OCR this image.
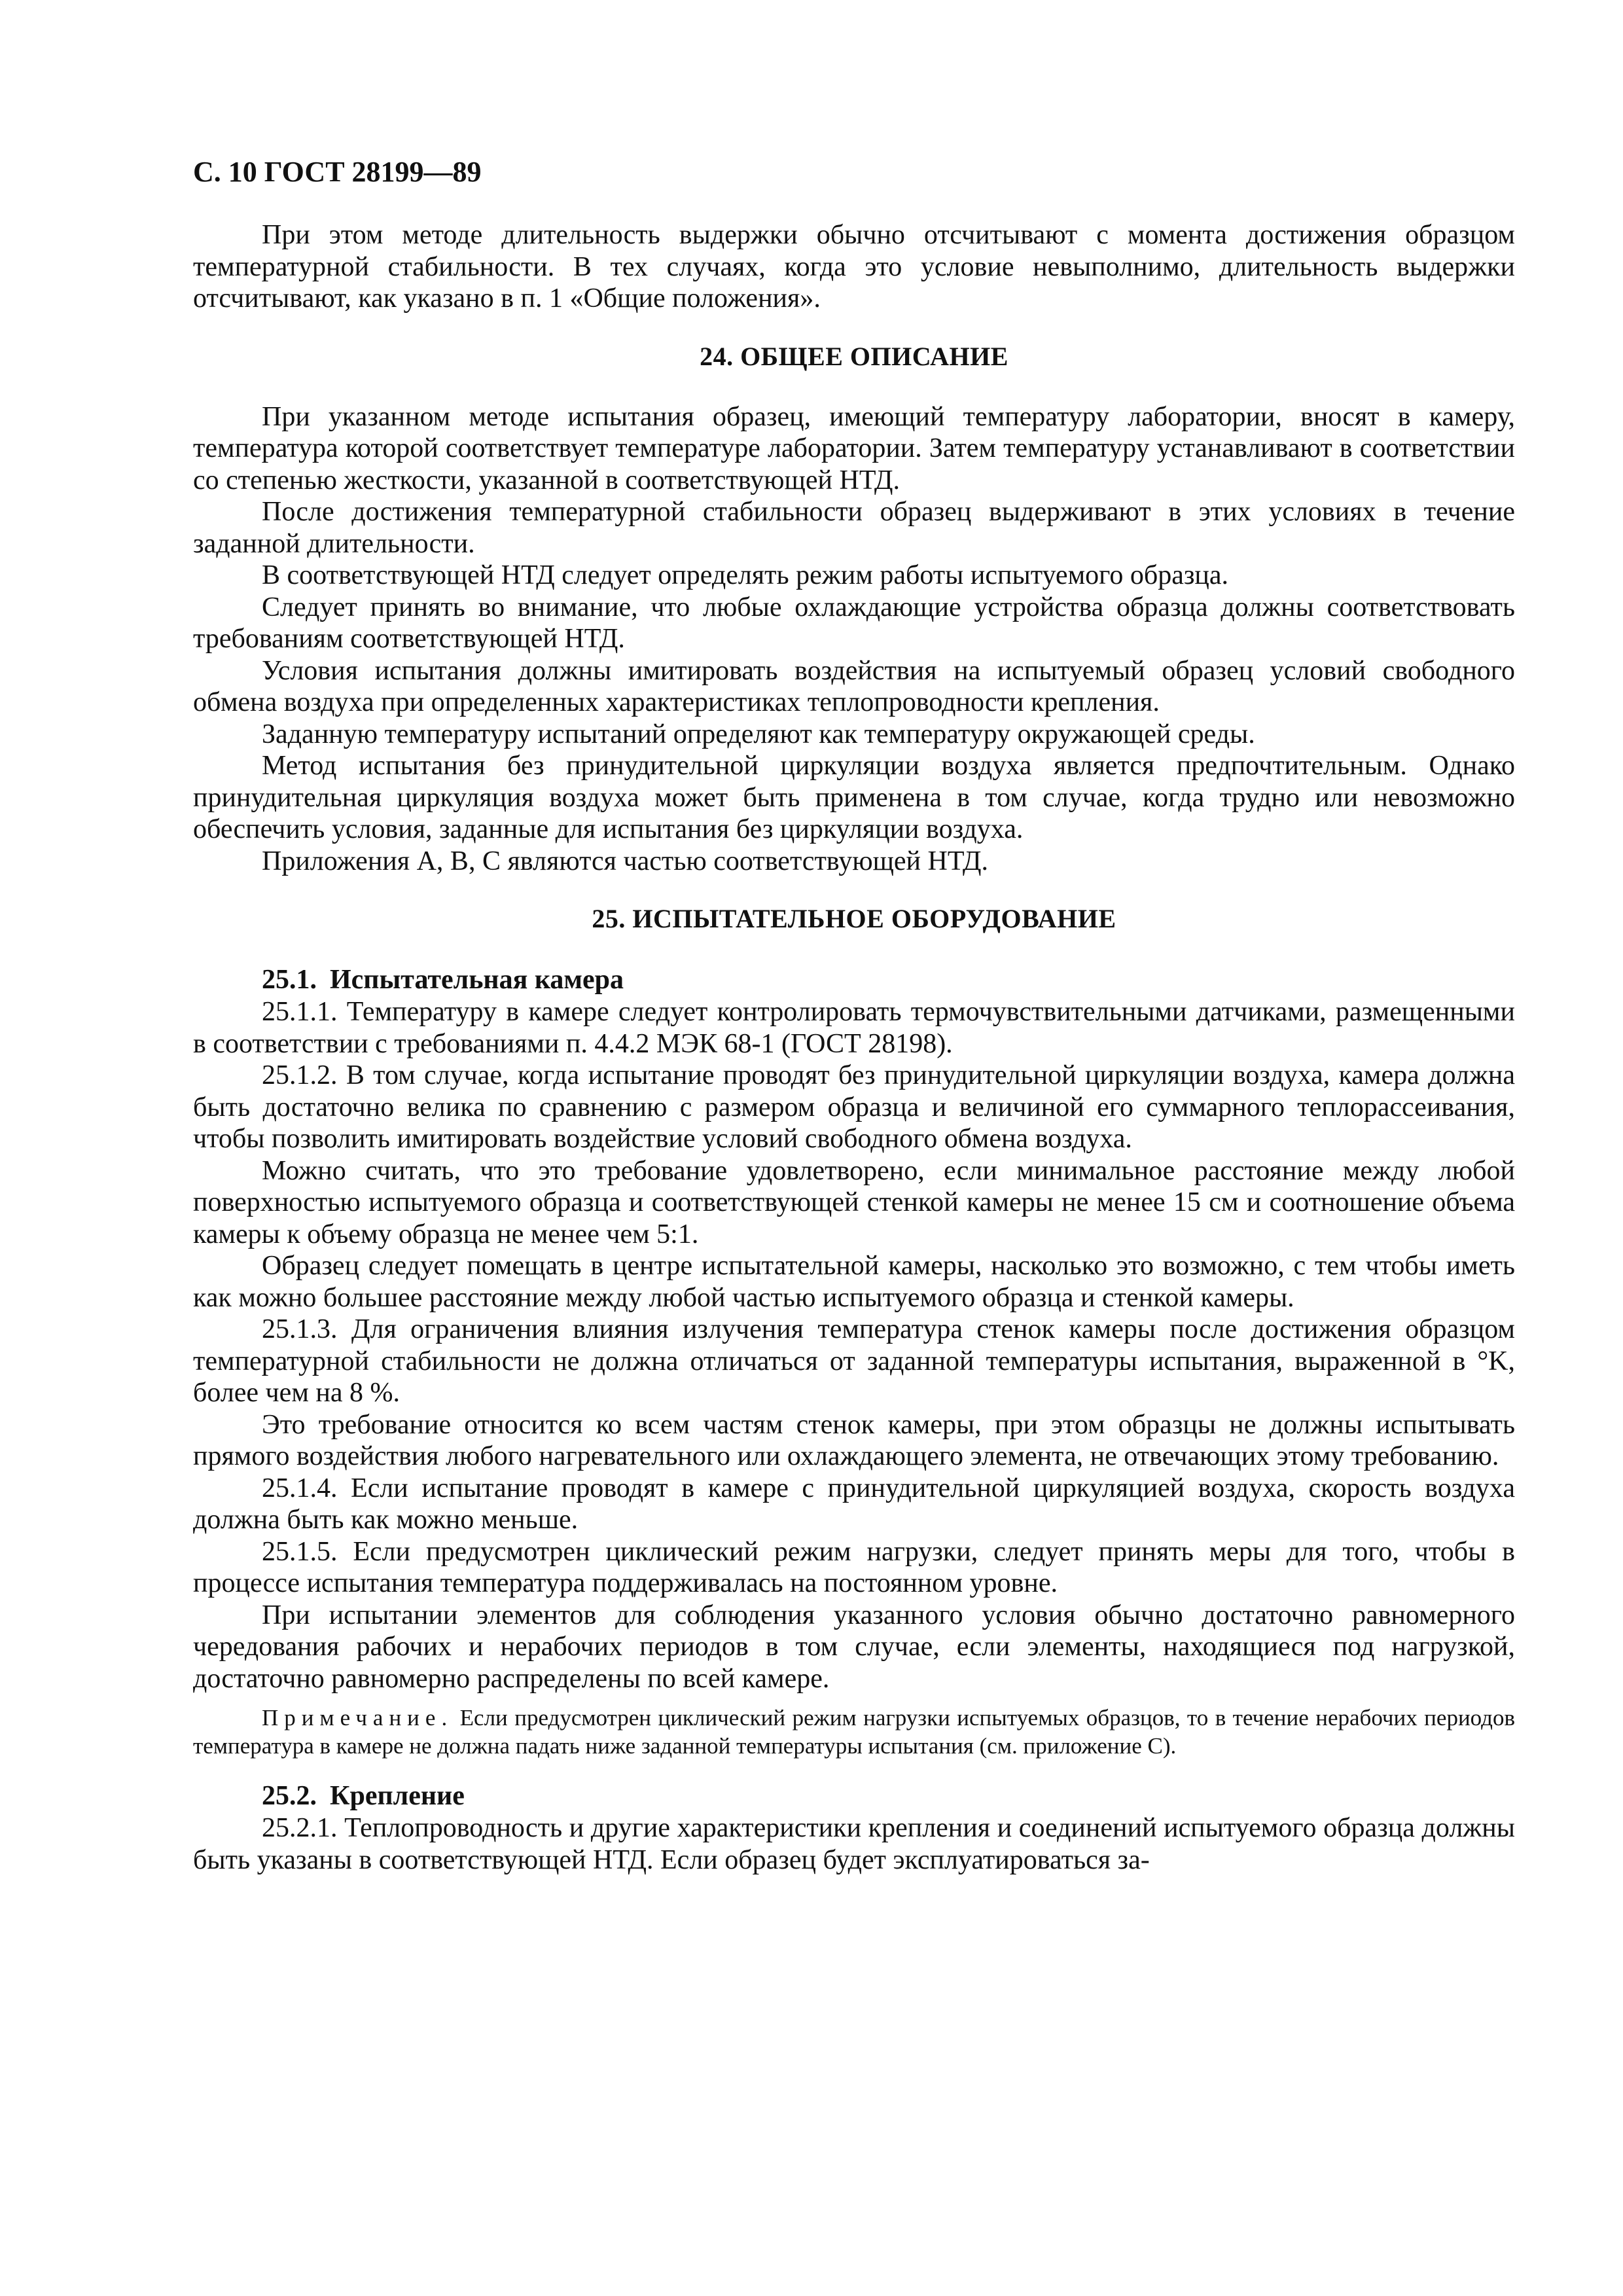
С. 10 ГОСТ 28199—89

При этом методе длительность выдержки обычно отсчитывают с момента достижения образцом температурной стабильности. В тех случаях, когда это условие невыполнимо, длительность выдержки отсчитывают, как указано в п. 1 «Общие положения».

24. ОБЩЕЕ ОПИСАНИЕ

При указанном методе испытания образец, имеющий температуру лаборатории, вносят в камеру, температура которой соответствует температуре лаборатории. Затем температуру устанавливают в соответствии со степенью жесткости, указанной в соответствующей НТД.

После достижения температурной стабильности образец выдерживают в этих условиях в течение заданной длительности.

В соответствующей НТД следует определять режим работы испытуемого образца.

Следует принять во внимание, что любые охлаждающие устройства образца должны соответствовать требованиям соответствующей НТД.

Условия испытания должны имитировать воздействия на испытуемый образец условий свободного обмена воздуха при определенных характеристиках теплопроводности крепления.

Заданную температуру испытаний определяют как температуру окружающей среды.

Метод испытания без принудительной циркуляции воздуха является предпочтительным. Однако принудительная циркуляция воздуха может быть применена в том случае, когда трудно или невозможно обеспечить условия, заданные для испытания без циркуляции воздуха.

Приложения А, В, С являются частью соответствующей НТД.

25. ИСПЫТАТЕЛЬНОЕ ОБОРУДОВАНИЕ
25.1. Испытательная камера

25.1.1. Температуру в камере следует контролировать термочувствительными датчиками, размещенными в соответствии с требованиями п. 4.4.2 МЭК 68-1 (ГОСТ 28198).

25.1.2. В том случае, когда испытание проводят без принудительной циркуляции воздуха, камера должна быть достаточно велика по сравнению с размером образца и величиной его суммарного теплорассеивания, чтобы позволить имитировать воздействие условий свободного обмена воздуха.

Можно считать, что это требование удовлетворено, если минимальное расстояние между любой поверхностью испытуемого образца и соответствующей стенкой камеры не менее 15 см и соотношение объема камеры к объему образца не менее чем 5:1.

Образец следует помещать в центре испытательной камеры, насколько это возможно, с тем чтобы иметь как можно большее расстояние между любой частью испытуемого образца и стенкой камеры.

25.1.3. Для ограничения влияния излучения температура стенок камеры после достижения образцом температурной стабильности не должна отличаться от заданной температуры испытания, выраженной в °K, более чем на 8 %.

Это требование относится ко всем частям стенок камеры, при этом образцы не должны испытывать прямого воздействия любого нагревательного или охлаждающего элемента, не отвечающих этому требованию.

25.1.4. Если испытание проводят в камере с принудительной циркуляцией воздуха, скорость воздуха должна быть как можно меньше.

25.1.5. Если предусмотрен циклический режим нагрузки, следует принять меры для того, чтобы в процессе испытания температура поддерживалась на постоянном уровне.

При испытании элементов для соблюдения указанного условия обычно достаточно равномерного чередования рабочих и нерабочих периодов в том случае, если элементы, находящиеся под нагрузкой, достаточно равномерно распределены по всей камере.

Примечание. Если предусмотрен циклический режим нагрузки испытуемых образцов, то в течение нерабочих периодов температура в камере не должна падать ниже заданной температуры испытания (см. приложение С).

25.2. Крепление

25.2.1. Теплопроводность и другие характеристики крепления и соединений испытуемого образца должны быть указаны в соответствующей НТД. Если образец будет эксплуатироваться за-
